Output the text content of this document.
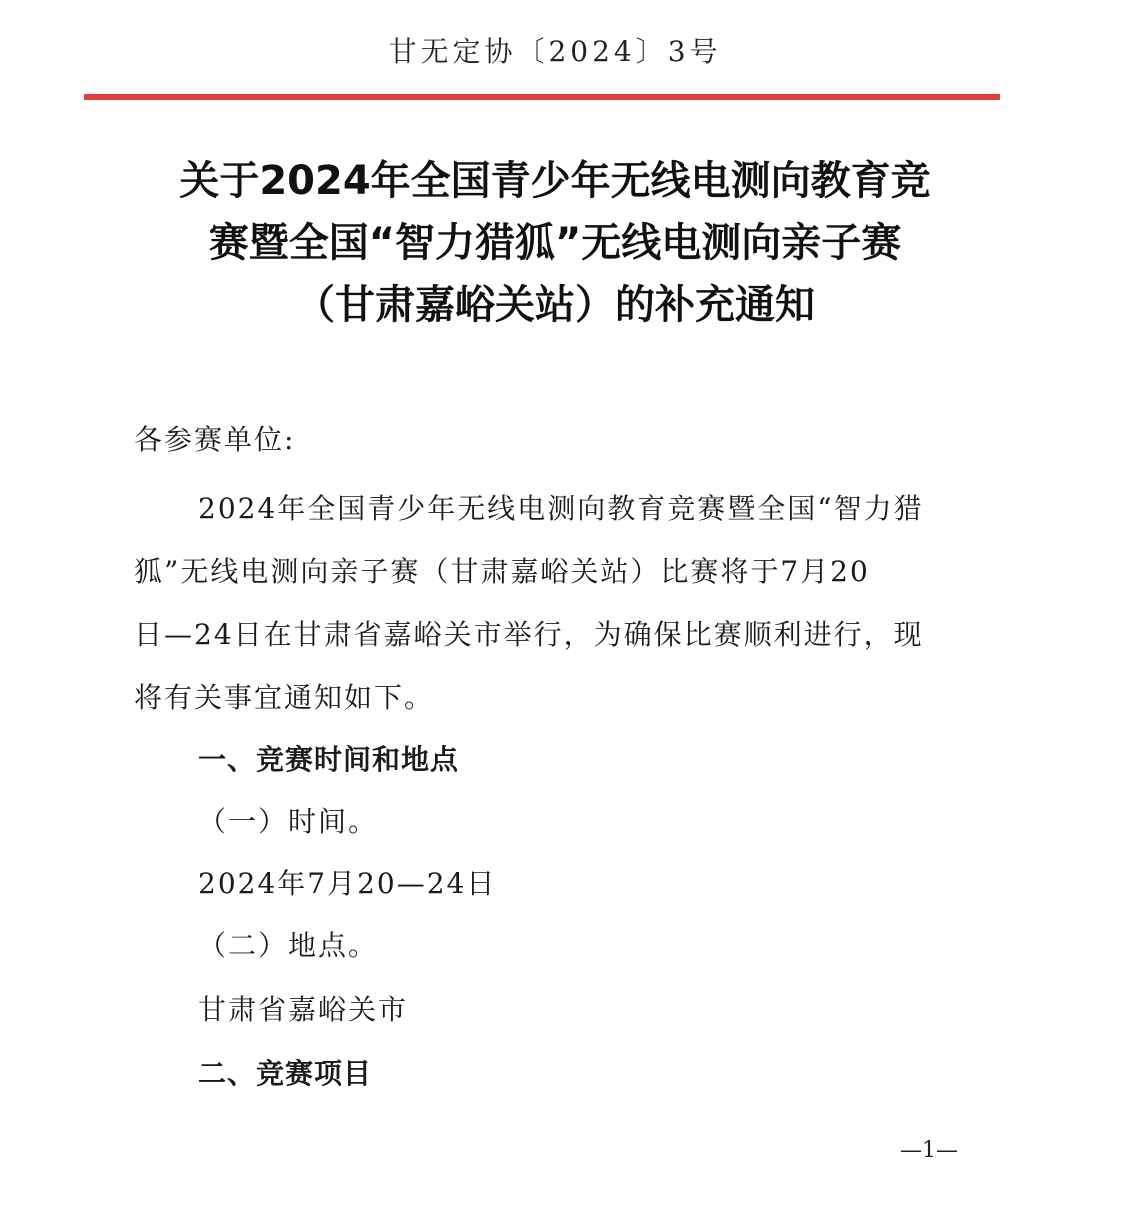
甘无定协〔2024〕3号
关于2024年全国青少年无线电测向教育竞
赛暨全国“智力猎狐”无线电测向亲子赛
（甘肃嘉峪关站）的补充通知
各参赛单位:
2024年全国青少年无线电测向教育竞赛暨全国“智力猎
狐”无线电测向亲子赛（甘肃嘉峪关站）比赛将于7月20
日—24日在甘肃省嘉峪关市举行，为确保比赛顺利进行，现
将有关事宜通知如下。
一、竞赛时间和地点
（一）时间。
2024年7月20—24日
（二）地点。
甘肃省嘉峪关市
二、竞赛项目
—1—
